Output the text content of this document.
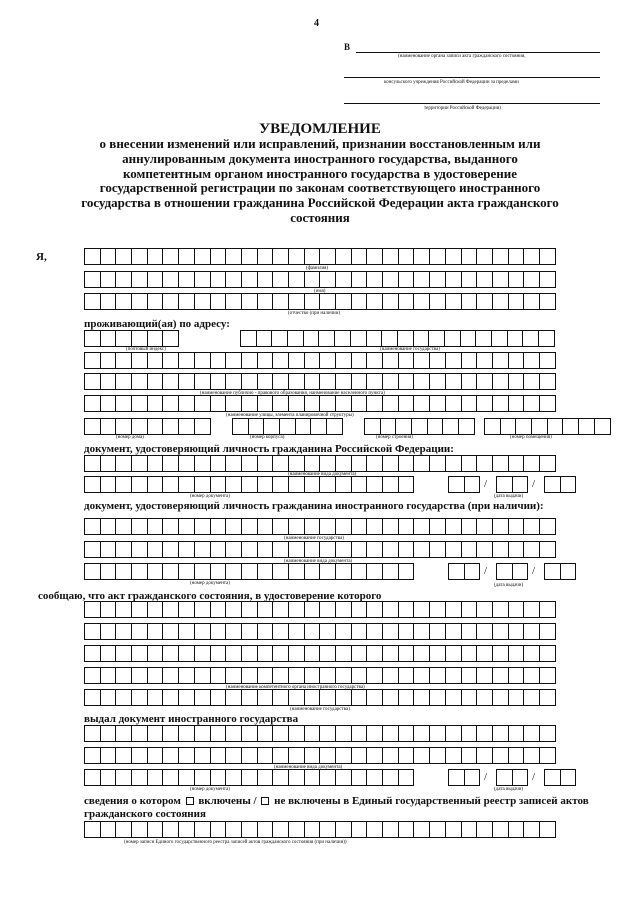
4
В
(наименование органа записи акта гражданского состояния,
консульского учреждения Российской Федерации за пределами
территории Российской Федерации)
УВЕДОМЛЕНИЕ
о внесении изменений или исправлений, признании восстановленным или
аннулированным документа иностранного государства, выданного
компетентным органом иностранного государства в удостоверение
государственной регистрации по законам соответствующего иностранного
государства в отношении гражданина Российской Федерации акта гражданского
состояния
Я,
(фамилия)
(имя)
(отчество (при наличии)
проживающий(ая) по адресу:
(почтовый индекс)	(наименование государства)
(наименование публично - правового образования, наименование населенного пункта)
(наименование улицы, элемента планировочной структуры)
(номер дома)	(номер корпуса)	(номер строения)	(номер помещения)
документ, удостоверяющий личность гражданина Российской Федерации:
(наименование вида документа)
/	/
(номер документа)	(дата выдачи)
документ, удостоверяющий личность гражданина иностранного государства (при наличии):
(наименование государства)
(наименование вида документа)
/	/
(номер документа)	(дата выдачи)
сообщаю, что акт гражданского состояния, в удостоверение которого
(наименование компетентного органа иностранного государства)
(наименование государства)
выдал документ иностранного государства
(наименование вида документа)
/	/
(номер документа)	(дата выдачи)
сведения о котором включены / не включены в Единый государственный реестр записей актов
гражданского состояния
(номер записи Единого государственного реестра записей актов гражданского состояния (при наличии))
